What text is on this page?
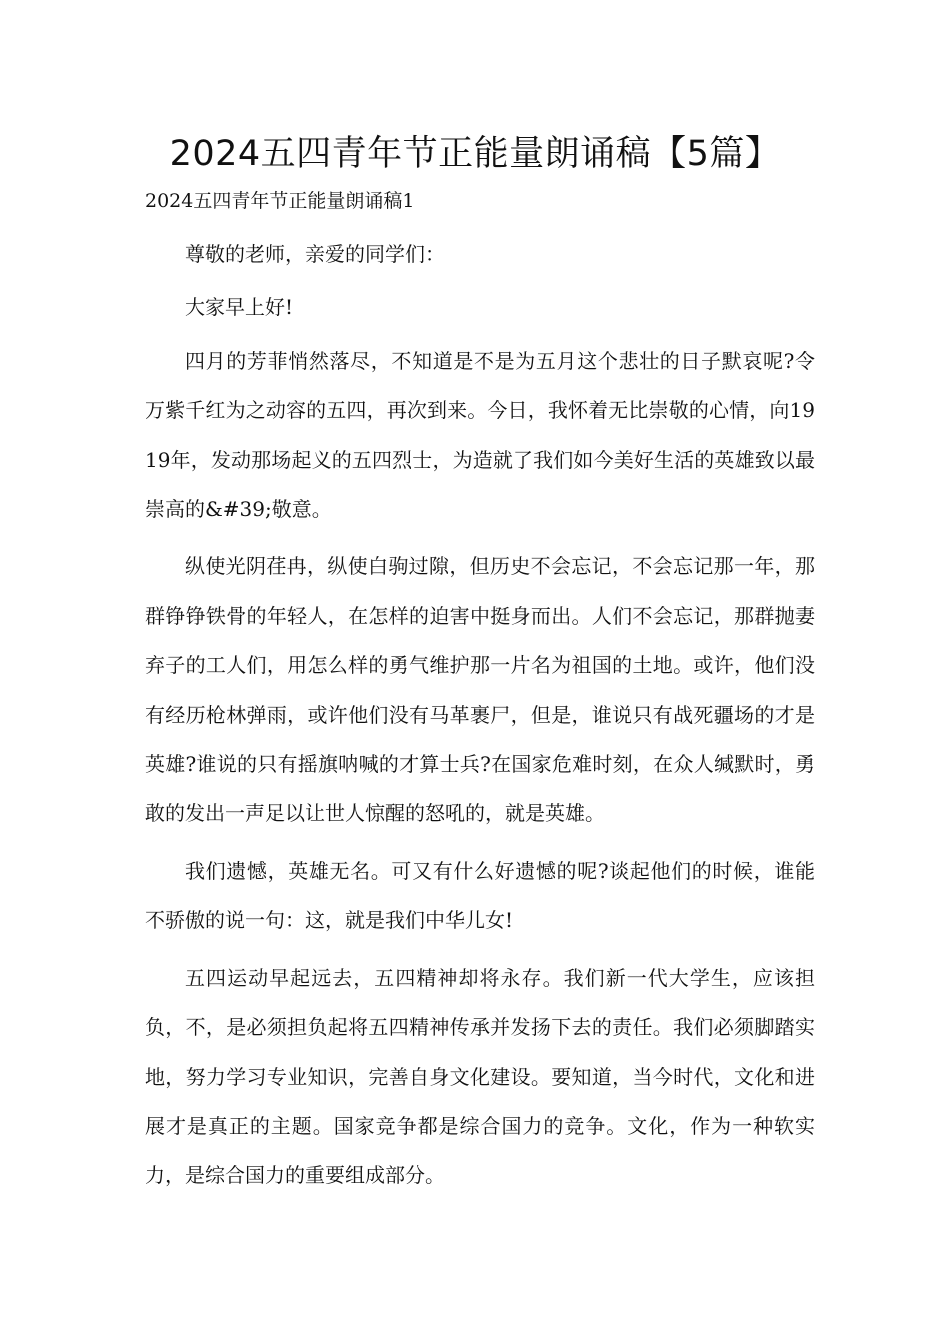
2024五四青年节正能量朗诵稿【5篇】
2024五四青年节正能量朗诵稿1

尊敬的老师，亲爱的同学们：

大家早上好!

四月的芳菲悄然落尽，不知道是不是为五月这个悲壮的日子默哀呢?令万紫千红为之动容的五四，再次到来。今日，我怀着无比崇敬的心情，向1919年，发动那场起义的五四烈士，为造就了我们如今美好生活的英雄致以最崇高的&#39;敬意。

纵使光阴荏冉，纵使白驹过隙，但历史不会忘记，不会忘记那一年，那群铮铮铁骨的年轻人，在怎样的迫害中挺身而出。人们不会忘记，那群抛妻弃子的工人们，用怎么样的勇气维护那一片名为祖国的土地。或许，他们没有经历枪林弹雨，或许他们没有马革裹尸，但是，谁说只有战死疆场的才是英雄?谁说的只有摇旗呐喊的才算士兵?在国家危难时刻，在众人缄默时，勇敢的发出一声足以让世人惊醒的怒吼的，就是英雄。

我们遗憾，英雄无名。可又有什么好遗憾的呢?谈起他们的时候，谁能不骄傲的说一句：这，就是我们中华儿女!

五四运动早起远去，五四精神却将永存。我们新一代大学生，应该担负，不，是必须担负起将五四精神传承并发扬下去的责任。我们必须脚踏实地，努力学习专业知识，完善自身文化建设。要知道，当今时代，文化和进展才是真正的主题。国家竞争都是综合国力的竞争。文化，作为一种软实力，是综合国力的重要组成部分。
